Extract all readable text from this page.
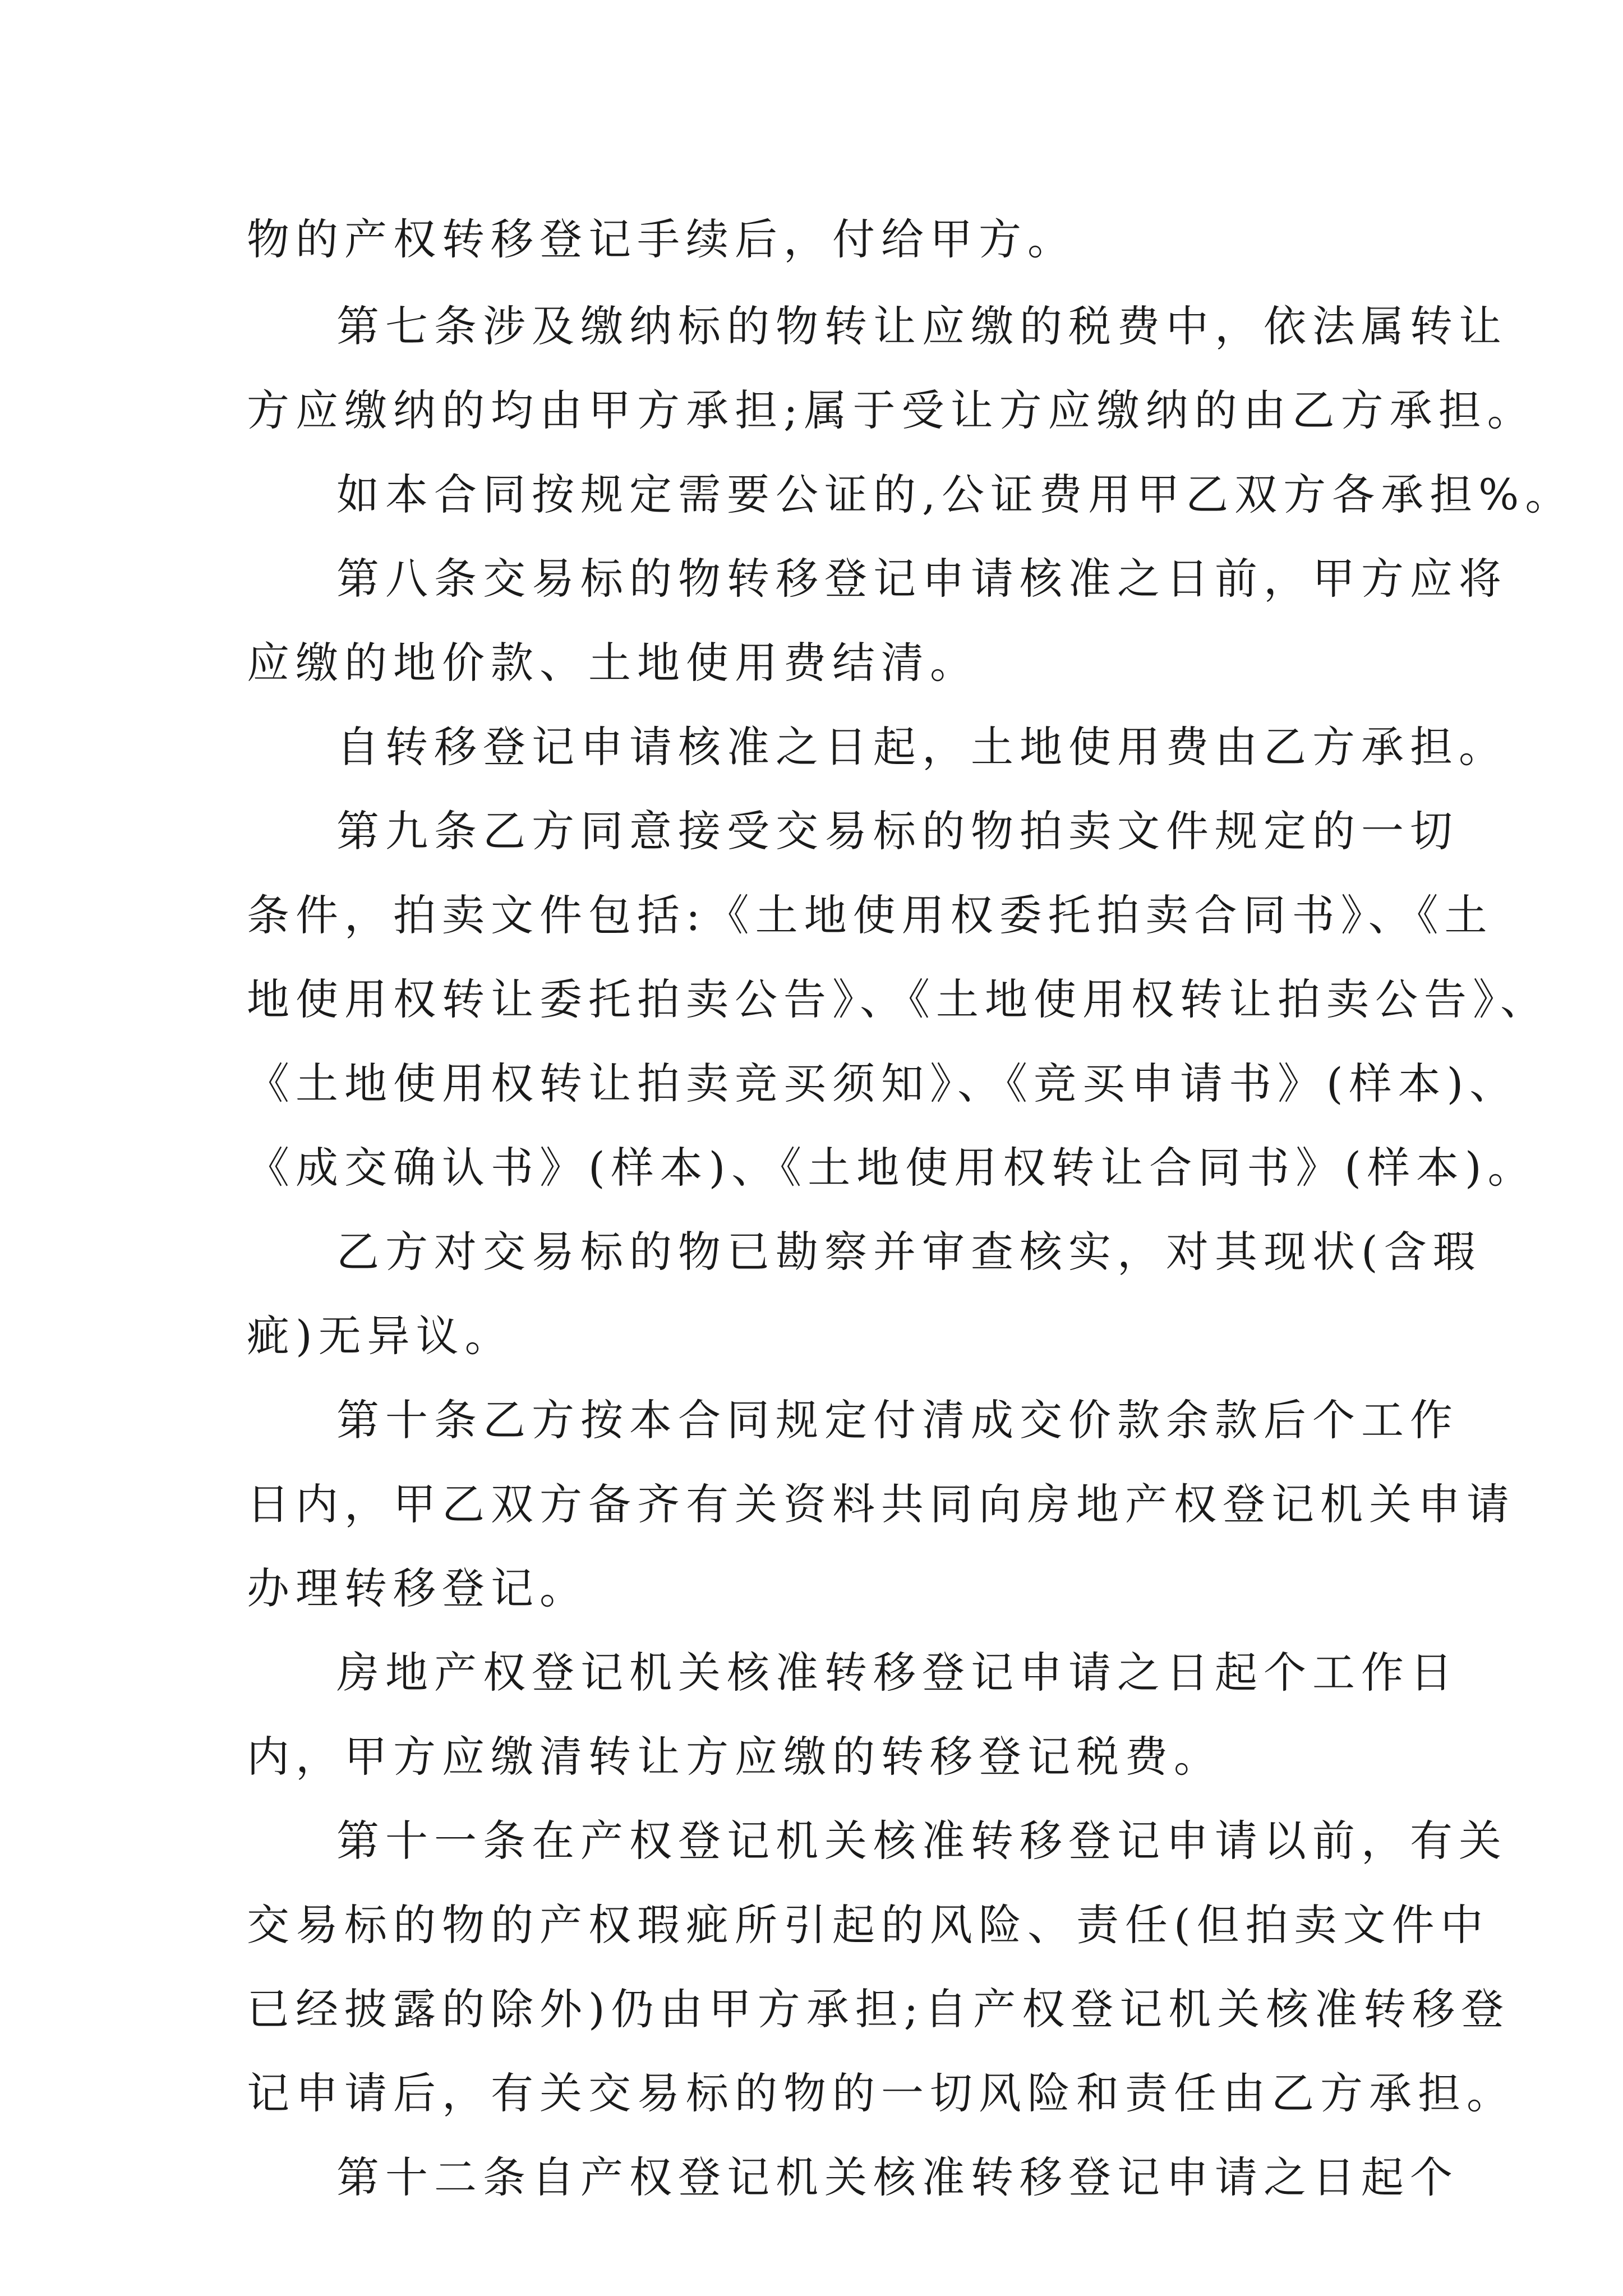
物的产权转移登记手续后，付给甲方。
第七条涉及缴纳标的物转让应缴的税费中，依法属转让
方应缴纳的均由甲方承担;属于受让方应缴纳的由乙方承担。
如本合同按规定需要公证的,公证费用甲乙双方各承担%。
第八条交易标的物转移登记申请核准之日前，甲方应将
应缴的地价款、土地使用费结清。
自转移登记申请核准之日起，土地使用费由乙方承担。
第九条乙方同意接受交易标的物拍卖文件规定的一切
条件，拍卖文件包括:《土地使用权委托拍卖合同书》、《土
地使用权转让委托拍卖公告》、《土地使用权转让拍卖公告》、
《土地使用权转让拍卖竞买须知》、《竞买申请书》(样本)、
《成交确认书》(样本)、《土地使用权转让合同书》(样本)。
乙方对交易标的物已勘察并审查核实，对其现状(含瑕
疵)无异议。
第十条乙方按本合同规定付清成交价款余款后个工作
日内，甲乙双方备齐有关资料共同向房地产权登记机关申请
办理转移登记。
房地产权登记机关核准转移登记申请之日起个工作日
内，甲方应缴清转让方应缴的转移登记税费。
第十一条在产权登记机关核准转移登记申请以前，有关
交易标的物的产权瑕疵所引起的风险、责任(但拍卖文件中
已经披露的除外)仍由甲方承担;自产权登记机关核准转移登
记申请后，有关交易标的物的一切风险和责任由乙方承担。
第十二条自产权登记机关核准转移登记申请之日起个
